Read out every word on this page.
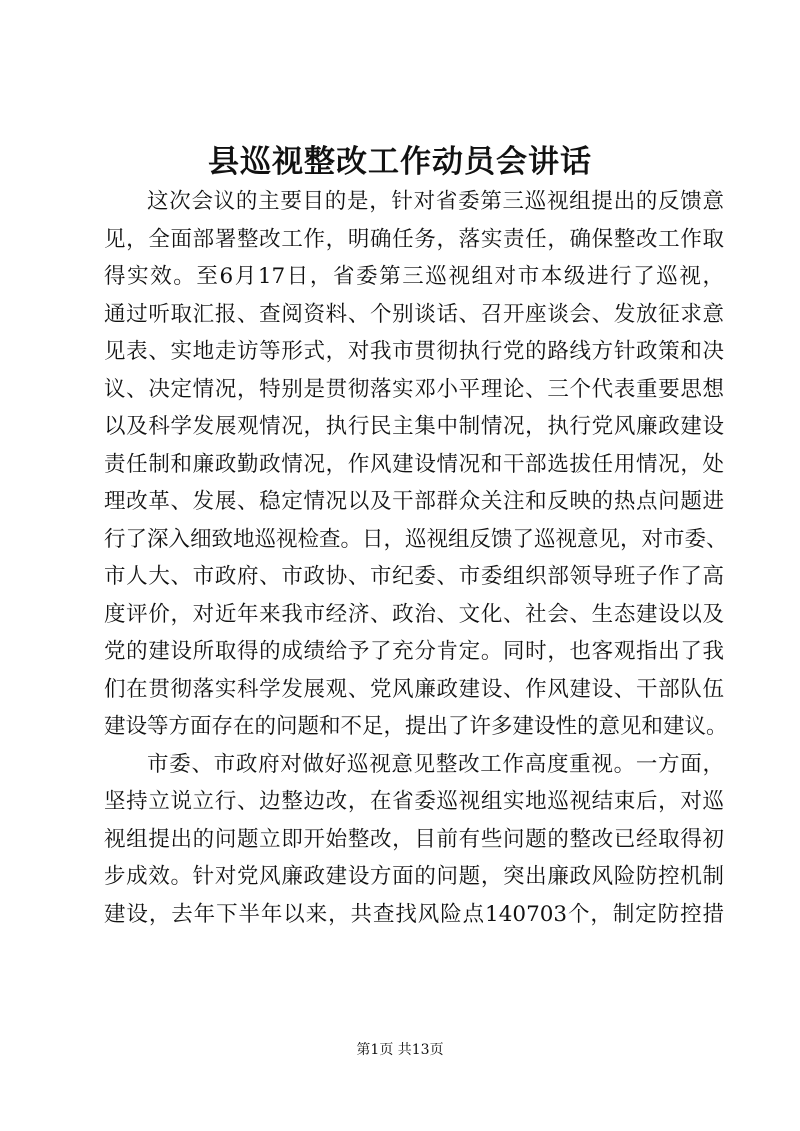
县巡视整改工作动员会讲话
这次会议的主要目的是，针对省委第三巡视组提出的反馈意
见，全面部署整改工作，明确任务，落实责任，确保整改工作取
得实效。至6月17日，省委第三巡视组对市本级进行了巡视，
通过听取汇报、查阅资料、个别谈话、召开座谈会、发放征求意
见表、实地走访等形式，对我市贯彻执行党的路线方针政策和决
议、决定情况，特别是贯彻落实邓小平理论、三个代表重要思想
以及科学发展观情况，执行民主集中制情况，执行党风廉政建设
责任制和廉政勤政情况，作风建设情况和干部选拔任用情况，处
理改革、发展、稳定情况以及干部群众关注和反映的热点问题进
行了深入细致地巡视检查。日，巡视组反馈了巡视意见，对市委、
市人大、市政府、市政协、市纪委、市委组织部领导班子作了高
度评价，对近年来我市经济、政治、文化、社会、生态建设以及
党的建设所取得的成绩给予了充分肯定。同时，也客观指出了我
们在贯彻落实科学发展观、党风廉政建设、作风建设、干部队伍
建设等方面存在的问题和不足，提出了许多建设性的意见和建议。
市委、市政府对做好巡视意见整改工作高度重视。一方面，
坚持立说立行、边整边改，在省委巡视组实地巡视结束后，对巡
视组提出的问题立即开始整改，目前有些问题的整改已经取得初
步成效。针对党风廉政建设方面的问题，突出廉政风险防控机制
建设，去年下半年以来，共查找风险点140703个，制定防控措
第1页 共13页
